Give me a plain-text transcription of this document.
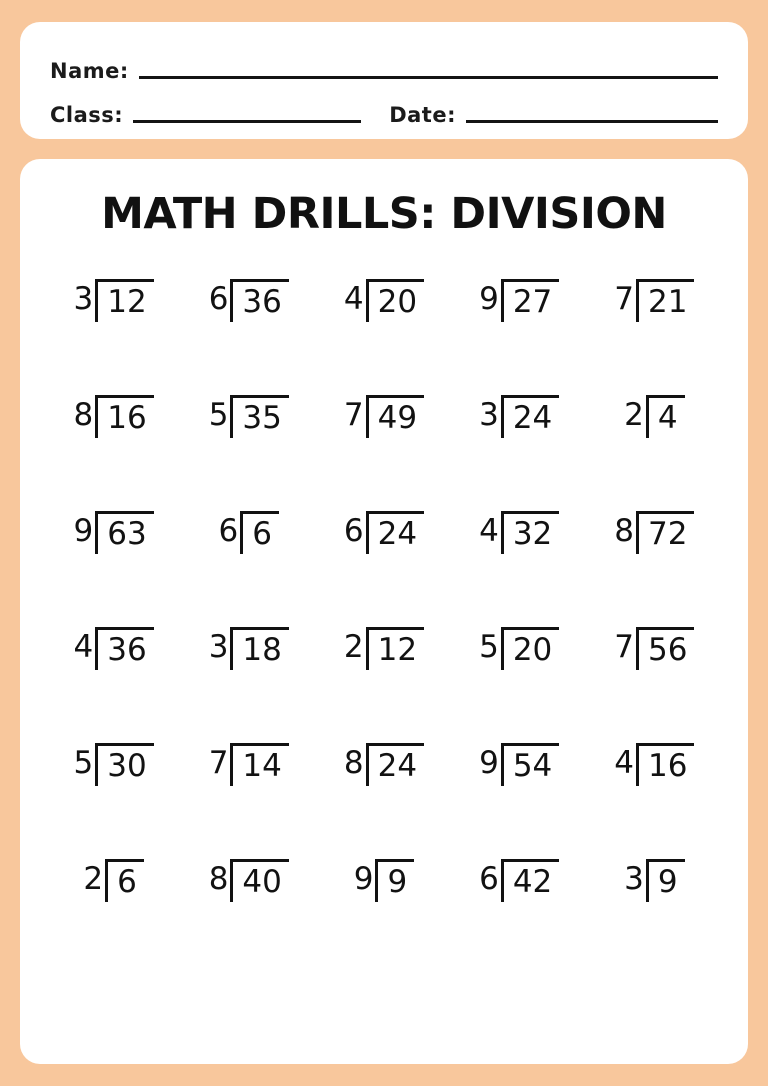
Name:
Class:	Date:
MATH DRILLS: DIVISION
3 12 6 36 4 20 9 27 7 21
8 16 5 35 7 49 3 24 2 4
9 63 6 6 6 24 4 32 8 72
4 36 3 18 2 12 5 20 7 56
5 30 7 14 8 24 9 54 4 16
2 6 8 40 9 9 6 42 3 9
